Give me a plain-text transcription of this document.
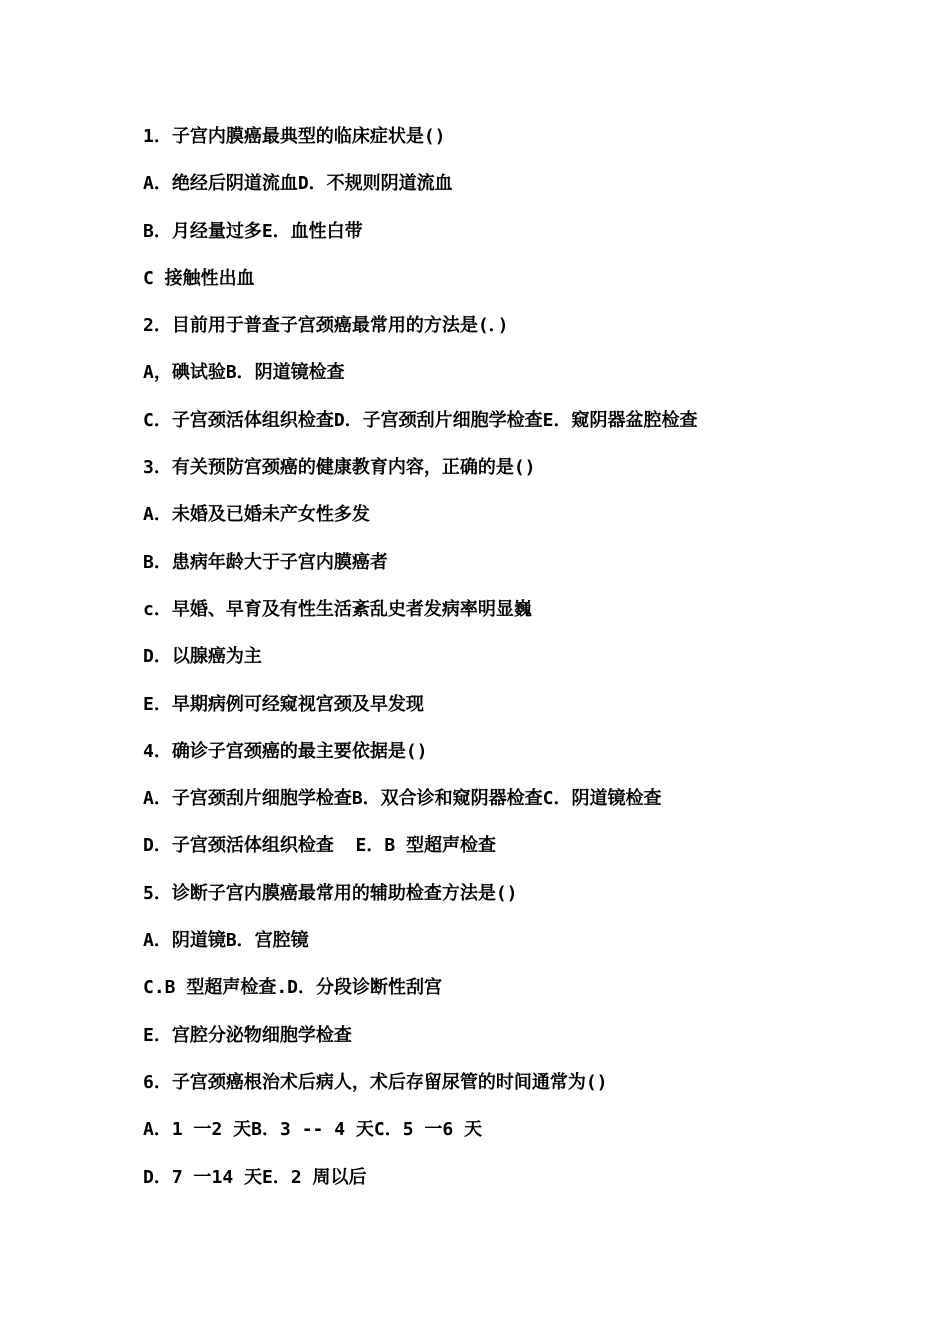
1．子宫内膜癌最典型的临床症状是()
A．绝经后阴道流血D．不规则阴道流血
B．月经量过多E．血性白带
C 接触性出血
2．目前用于普查子宫颈癌最常用的方法是(．)
A，碘试验B．阴道镜检查
C．子宫颈活体组织检查D．子宫颈刮片细胞学检查E．窥阴器盆腔检查
3．有关预防宫颈癌的健康教育内容，正确的是()
A．未婚及已婚未产女性多发
B．患病年龄大于子宫内膜癌者
c．早婚、早育及有性生活紊乱史者发病率明显巍
D．以腺癌为主
E．早期病例可经窥视宫颈及早发现
4．确诊子宫颈癌的最主要依据是()
A．子宫颈刮片细胞学检查B．双合诊和窥阴器检查C．阴道镜检查
D．子宫颈活体组织检查  E．B 型超声检查
5．诊断子宫内膜癌最常用的辅助检查方法是()
A．阴道镜B．宫腔镜
C.B 型超声检查.D．分段诊断性刮宫
E．宫腔分泌物细胞学检查
6．子宫颈癌根治术后病人，术后存留尿管的时间通常为()
A．1 一2 天B．3 -- 4 天C．5 一6 天
D．7 一14 天E．2 周以后
